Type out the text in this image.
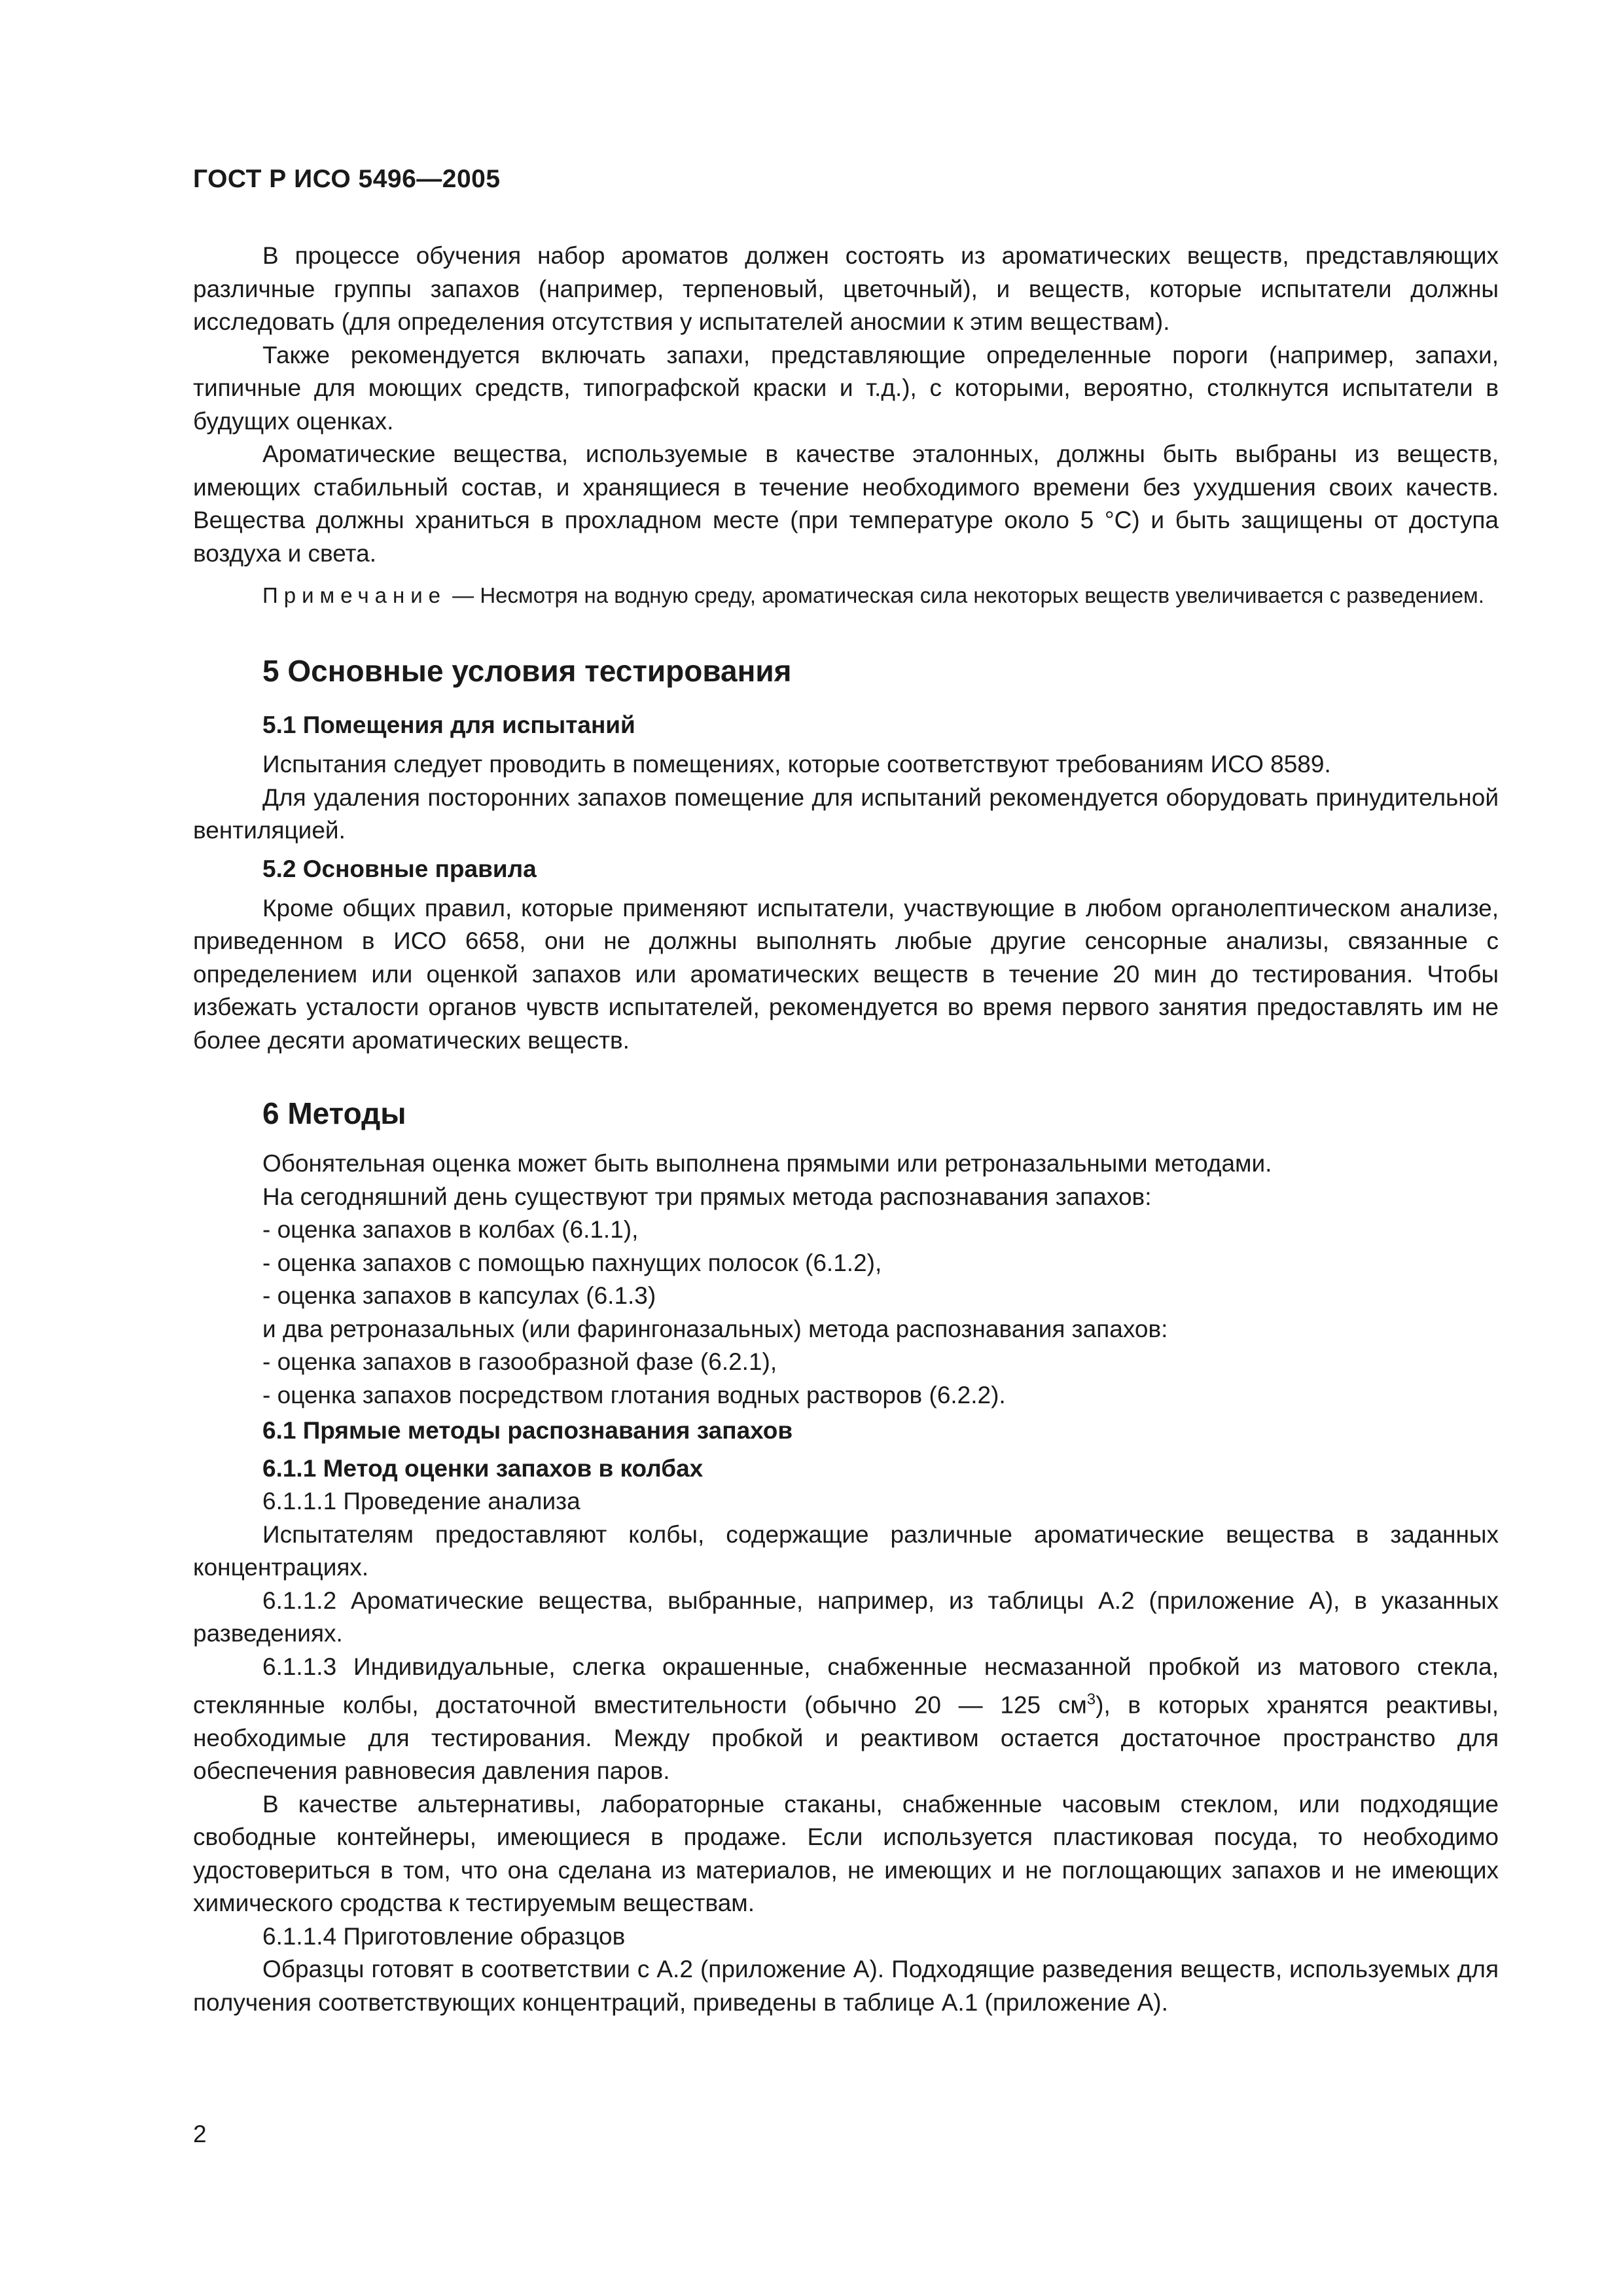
ГОСТ Р ИСО 5496—2005

В процессе обучения набор ароматов должен состоять из ароматических веществ, представляющих различные группы запахов (например, терпеновый, цветочный), и веществ, которые испытатели должны исследовать (для определения отсутствия у испытателей аносмии к этим веществам).

Также рекомендуется включать запахи, представляющие определенные пороги (например, запахи, типичные для моющих средств, типографской краски и т.д.), с которыми, вероятно, столкнутся испытатели в будущих оценках.

Ароматические вещества, используемые в качестве эталонных, должны быть выбраны из веществ, имеющих стабильный состав, и хранящиеся в течение необходимого времени без ухудшения своих качеств. Вещества должны храниться в прохладном месте (при температуре около 5 °С) и быть защищены от доступа воздуха и света.

Примечание — Несмотря на водную среду, ароматическая сила некоторых веществ увеличивается с разведением.

5 Основные условия тестирования
5.1 Помещения для испытаний

Испытания следует проводить в помещениях, которые соответствуют требованиям ИСО 8589.

Для удаления посторонних запахов помещение для испытаний рекомендуется оборудовать принудительной вентиляцией.

5.2 Основные правила

Кроме общих правил, которые применяют испытатели, участвующие в любом органолептическом анализе, приведенном в ИСО 6658, они не должны выполнять любые другие сенсорные анализы, связанные с определением или оценкой запахов или ароматических веществ в течение 20 мин до тестирования. Чтобы избежать усталости органов чувств испытателей, рекомендуется во время первого занятия предоставлять им не более десяти ароматических веществ.

6 Методы

Обонятельная оценка может быть выполнена прямыми или ретроназальными методами.

На сегодняшний день существуют три прямых метода распознавания запахов:

- оценка запахов в колбах (6.1.1),

- оценка запахов с помощью пахнущих полосок (6.1.2),

- оценка запахов в капсулах (6.1.3)

и два ретроназальных (или фарингоназальных) метода распознавания запахов:

- оценка запахов в газообразной фазе (6.2.1),

- оценка запахов посредством глотания водных растворов (6.2.2).

6.1 Прямые методы распознавания запахов
6.1.1 Метод оценки запахов в колбах

6.1.1.1 Проведение анализа

Испытателям предоставляют колбы, содержащие различные ароматические вещества в заданных концентрациях.

6.1.1.2 Ароматические вещества, выбранные, например, из таблицы А.2 (приложение А), в указанных разведениях.

6.1.1.3 Индивидуальные, слегка окрашенные, снабженные несмазанной пробкой из матового стекла, стеклянные колбы, достаточной вместительности (обычно 20 — 125 $см^3$), в которых хранятся реактивы, необходимые для тестирования. Между пробкой и реактивом остается достаточное пространство для обеспечения равновесия давления паров.

В качестве альтернативы, лабораторные стаканы, снабженные часовым стеклом, или подходящие свободные контейнеры, имеющиеся в продаже. Если используется пластиковая посуда, то необходимо удостовериться в том, что она сделана из материалов, не имеющих и не поглощающих запахов и не имеющих химического сродства к тестируемым веществам.

6.1.1.4 Приготовление образцов

Образцы готовят в соответствии с А.2 (приложение А). Подходящие разведения веществ, используемых для получения соответствующих концентраций, приведены в таблице А.1 (приложение А).

2
